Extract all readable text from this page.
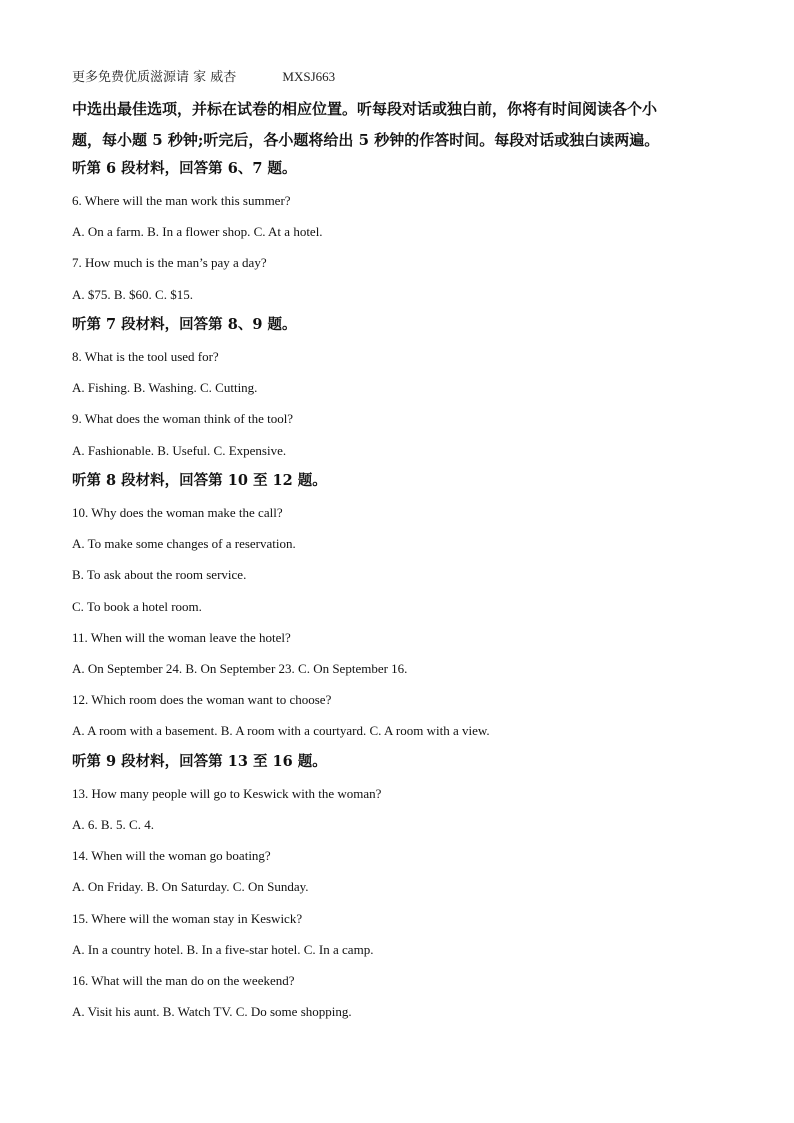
更多免费优质滋源请 家 威杏	MXSJ663

中选出最佳选项，并标在试卷的相应位置。听每段对话或独白前，你将有时间阅读各个小

题，每小题 5 秒钟;听完后，各小题将给出 5 秒钟的作答时间。每段对话或独白读两遍。

听第 6 段材料，回答第 6、7 题。
6. Where will the man work this summer?
A. On a farm. B. In a flower shop. C. At a hotel.
7. How much is the man’s pay a day?
A. $75. B. $60. C. $15.
听第 7 段材料，回答第 8、9 题。
8. What is the tool used for?
A. Fishing. B. Washing. C. Cutting.
9. What does the woman think of the tool?
A. Fashionable. B. Useful. C. Expensive.
听第 8 段材料，回答第 10 至 12 题。
10. Why does the woman make the call?
A. To make some changes of a reservation.
B. To ask about the room service.
C. To book a hotel room.
11. When will the woman leave the hotel?
A. On September 24. B. On September 23. C. On September 16.
12. Which room does the woman want to choose?
A. A room with a basement. B. A room with a courtyard. C. A room with a view.
听第 9 段材料，回答第 13 至 16 题。
13. How many people will go to Keswick with the woman?
A. 6. B. 5. C. 4.
14. When will the woman go boating?
A. On Friday. B. On Saturday. C. On Sunday.
15. Where will the woman stay in Keswick?
A. In a country hotel. B. In a five-star hotel. C. In a camp.
16. What will the man do on the weekend?
A. Visit his aunt. B. Watch TV. C. Do some shopping.
